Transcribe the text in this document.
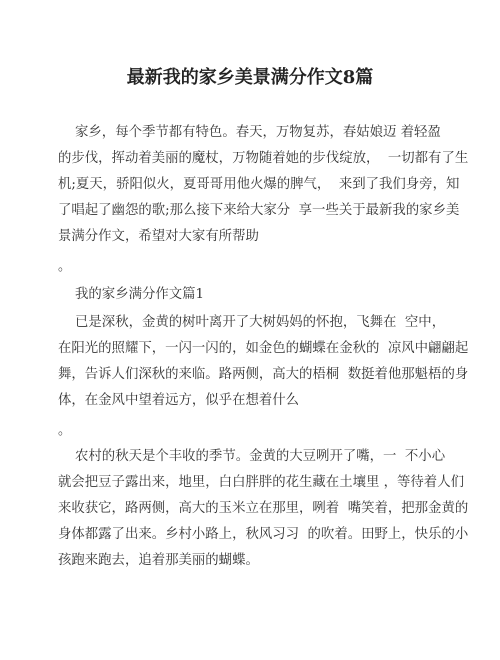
最新我的家乡美景满分作文8篇
家乡，每个季节都有特色。春天，万物复苏，春姑娘迈 着轻盈
的步伐，挥动着美丽的魔杖，万物随着她的步伐绽放，  一切都有了生
机;夏天，骄阳似火，夏哥哥用他火爆的脾气，  来到了我们身旁，知
了唱起了幽怨的歌;那么接下来给大家分  享一些关于最新我的家乡美
景满分作文，希望对大家有所帮助
。
我的家乡满分作文篇1
已是深秋，金黄的树叶离开了大树妈妈的怀抱，飞舞在  空中，
在阳光的照耀下，一闪一闪的，如金色的蝴蝶在金秋的  凉风中翩翩起
舞，告诉人们深秋的来临。路两侧，高大的梧桐  数挺着他那魁梧的身
体，在金风中望着远方，似乎在想着什么
。
农村的秋天是个丰收的季节。金黄的大豆咧开了嘴，一  不小心
就会把豆子露出来，地里，白白胖胖的花生藏在土壤里 ，等待着人们
来收获它，路两侧，高大的玉米立在那里，咧着  嘴笑着，把那金黄的
身体都露了出来。乡村小路上，秋风习习  的吹着。田野上，快乐的小
孩跑来跑去，追着那美丽的蝴蝶。
